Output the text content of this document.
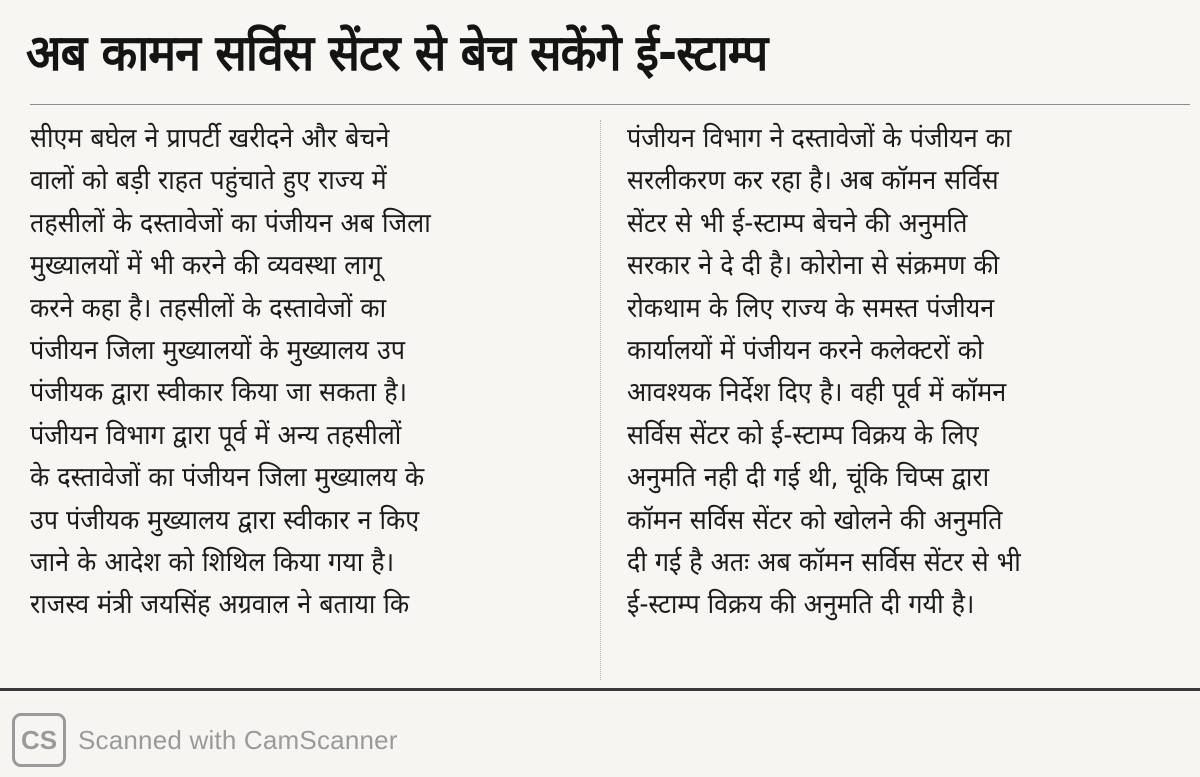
अब कामन सर्विस सेंटर से बेच सकेंगे ई-स्टाम्प
सीएम बघेल ने प्रापर्टी खरीदने और बेचने
वालों को बड़ी राहत पहुंचाते हुए राज्य में
तहसीलों के दस्तावेजों का पंजीयन अब जिला
मुख्यालयों में भी करने की व्यवस्था लागू
करने कहा है। तहसीलों के दस्तावेजों का
पंजीयन जिला मुख्यालयों के मुख्यालय उप
पंजीयक द्वारा स्वीकार किया जा सकता है।
पंजीयन विभाग द्वारा पूर्व में अन्य तहसीलों
के दस्तावेजों का पंजीयन जिला मुख्यालय के
उप पंजीयक मुख्यालय द्वारा स्वीकार न किए
जाने के आदेश को शिथिल किया गया है।
राजस्व मंत्री जयसिंह अग्रवाल ने बताया कि
पंजीयन विभाग ने दस्तावेजों के पंजीयन का
सरलीकरण कर रहा है। अब कॉमन सर्विस
सेंटर से भी ई-स्टाम्प बेचने की अनुमति
सरकार ने दे दी है। कोरोना से संक्रमण की
रोकथाम के लिए राज्य के समस्त पंजीयन
कार्यालयों में पंजीयन करने कलेक्टरों को
आवश्यक निर्देश दिए है। वही पूर्व में कॉमन
सर्विस सेंटर को ई-स्टाम्प विक्रय के लिए
अनुमति नही दी गई थी, चूंकि चिप्स द्वारा
कॉमन सर्विस सेंटर को खोलने की अनुमति
दी गई है अतः अब कॉमन सर्विस सेंटर से भी
ई-स्टाम्प विक्रय की अनुमति दी गयी है।
CS Scanned with CamScanner
